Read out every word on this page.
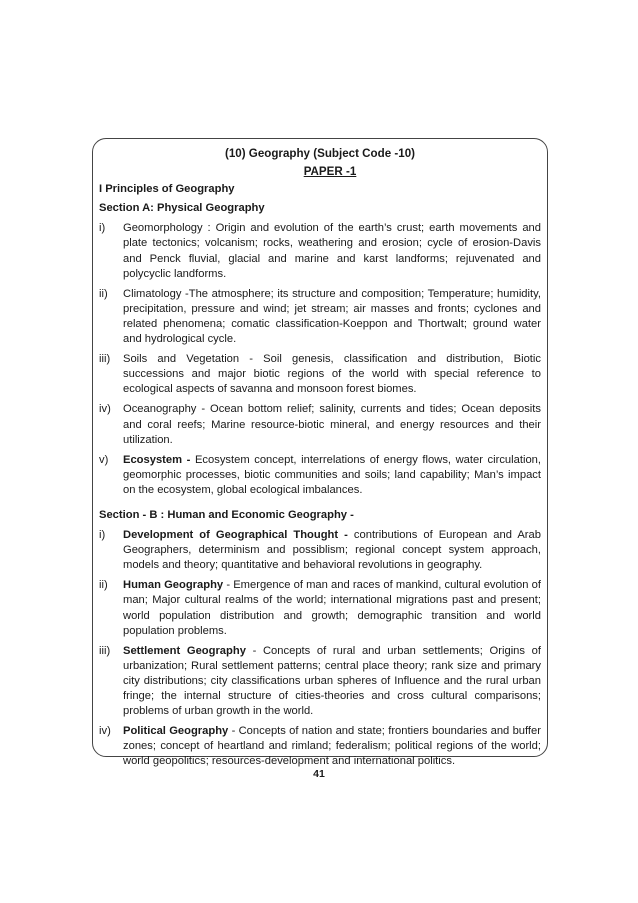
(10) Geography (Subject Code -10)
PAPER -1
I Principles of Geography
Section A: Physical Geography
i)	Geomorphology : Origin and evolution of the earth’s crust; earth movements and plate tectonics; volcanism; rocks, weathering and erosion; cycle of erosion-Davis and Penck fluvial, glacial and marine and karst landforms; rejuvenated and polycyclic landforms.
ii)	Climatology -The atmosphere; its structure and composition; Temperature; humidity, precipitation, pressure and wind; jet stream; air masses and fronts; cyclones and related phenomena; comatic classification-Koeppon and Thortwalt; ground water and hydrological cycle.
iii)	Soils and Vegetation - Soil genesis, classification and distribution, Biotic successions and major biotic regions of the world with special reference to ecological aspects of savanna and monsoon forest biomes.
iv)	Oceanography - Ocean bottom relief; salinity, currents and tides; Ocean deposits and coral reefs; Marine resource-biotic mineral, and energy resources and their utilization.
v)	Ecosystem - Ecosystem concept, interrelations of energy flows, water circulation, geomorphic processes, biotic communities and soils; land capability; Man’s impact on the ecosystem, global ecological imbalances.
Section - B : Human and Economic Geography -
i)	Development of Geographical Thought - contributions of European and Arab Geographers, determinism and possiblism; regional concept system approach, models and theory; quantitative and behavioral revolutions in geography.
ii)	Human Geography - Emergence of man and races of mankind, cultural evolution of man; Major cultural realms of the world; international migrations past and present; world population distribution and growth; demographic transition and world population problems.
iii)	Settlement Geography - Concepts of rural and urban settlements; Origins of urbanization; Rural settlement patterns; central place theory; rank size and primary city distributions; city classifications urban spheres of Influence and the rural urban fringe; the internal structure of cities-theories and cross cultural comparisons; problems of urban growth in the world.
iv)	Political Geography - Concepts of nation and state; frontiers boundaries and buffer zones; concept of heartland and rimland; federalism; political regions of the world; world geopolitics; resources-development and international politics.
41
